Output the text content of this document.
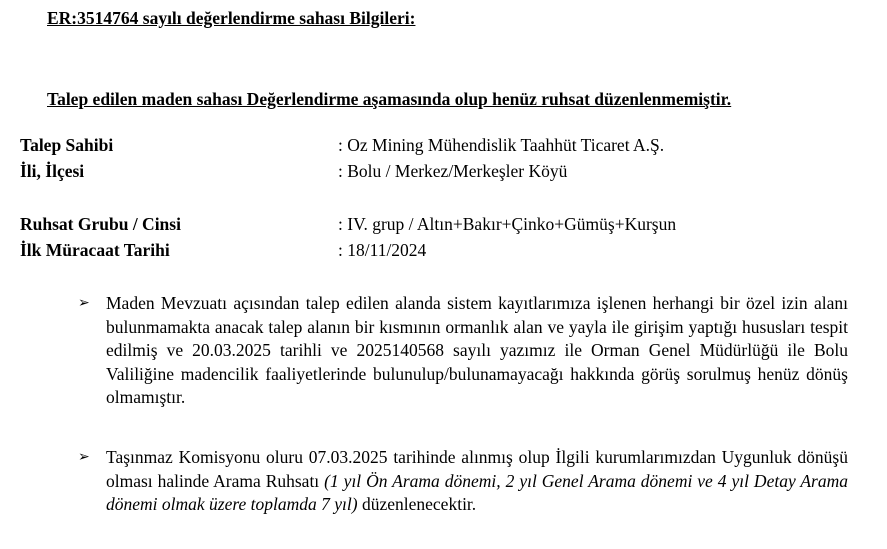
ER:3514764 sayılı değerlendirme sahası Bilgileri:
Talep edilen maden sahası Değerlendirme aşamasında olup henüz ruhsat düzenlenmemiştir.
Talep Sahibi	: Oz Mining Mühendislik Taahhüt Ticaret A.Ş.
İli, İlçesi	: Bolu / Merkez/Merkeşler Köyü
Ruhsat Grubu / Cinsi	: IV. grup / Altın+Bakır+Çinko+Gümüş+Kurşun
İlk Müracaat Tarihi	: 18/11/2024
➢ Maden Mevzuatı açısından talep edilen alanda sistem kayıtlarımıza işlenen herhangi bir özel izin alanı bulunmamakta anacak talep alanın bir kısmının ormanlık alan ve yayla ile girişim yaptığı hususları tespit edilmiş ve 20.03.2025 tarihli ve 2025140568 sayılı yazımız ile Orman Genel Müdürlüğü ile Bolu Valiliğine madencilik faaliyetlerinde bulunulup/bulunamayacağı hakkında görüş sorulmuş henüz dönüş olmamıştır.
➢ Taşınmaz Komisyonu oluru 07.03.2025 tarihinde alınmış olup İlgili kurumlarımızdan Uygunluk dönüşü olması halinde Arama Ruhsatı (1 yıl Ön Arama dönemi, 2 yıl Genel Arama dönemi ve 4 yıl Detay Arama dönemi olmak üzere toplamda 7 yıl) düzenlenecektir.
